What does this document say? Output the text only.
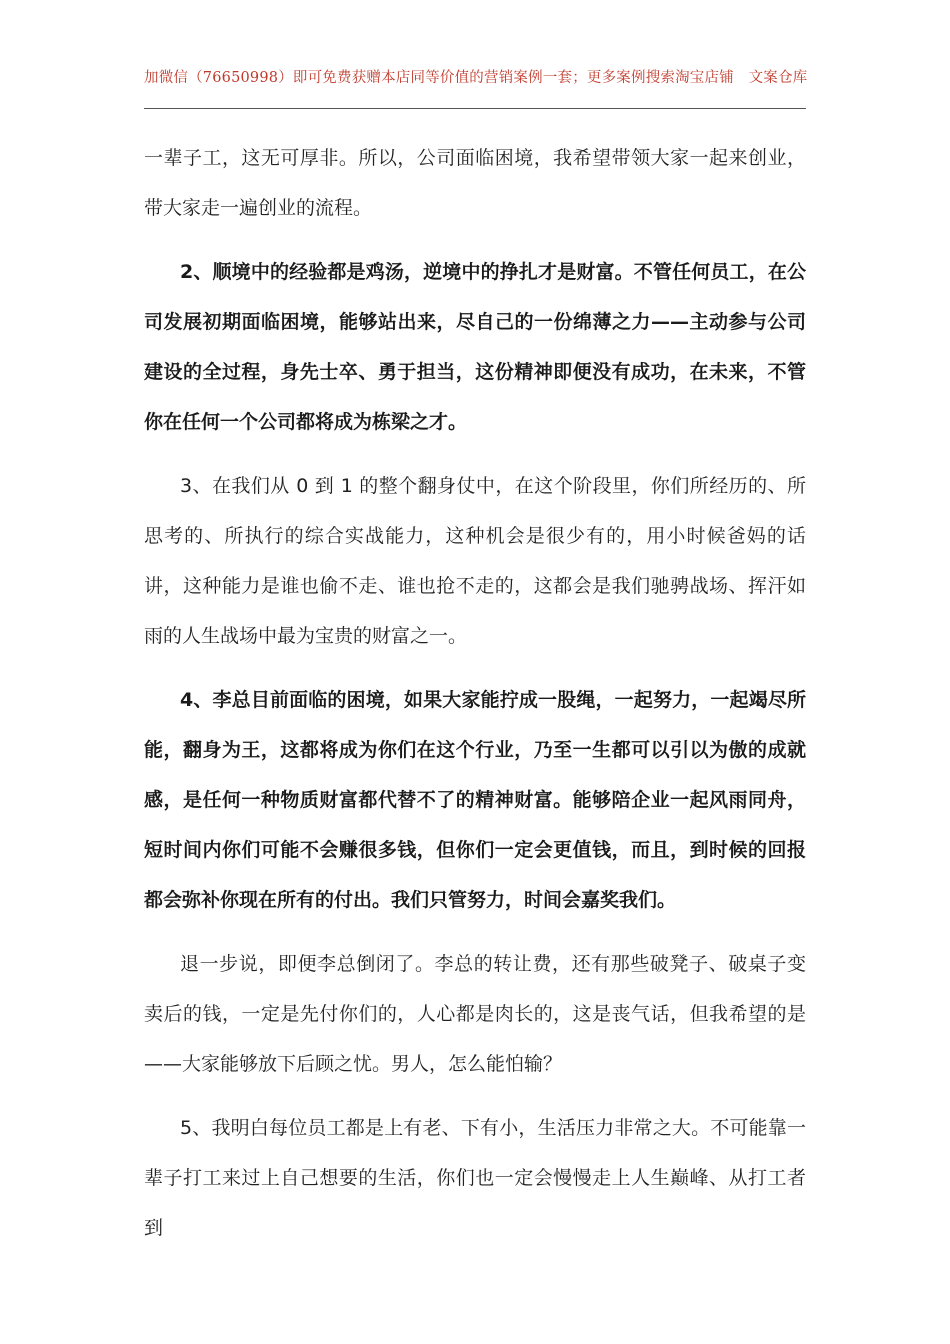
加微信（76650998）即可免费获赠本店同等价值的营销案例一套；更多案例搜索淘宝店铺　文案仓库

一辈子工，这无可厚非。所以，公司面临困境，我希望带领大家一起来创业，带大家走一遍创业的流程。

2、顺境中的经验都是鸡汤，逆境中的挣扎才是财富。不管任何员工，在公司发展初期面临困境，能够站出来，尽自己的一份绵薄之力——主动参与公司建设的全过程，身先士卒、勇于担当，这份精神即便没有成功，在未来，不管你在任何一个公司都将成为栋梁之才。

3、在我们从 0 到 1 的整个翻身仗中，在这个阶段里，你们所经历的、所思考的、所执行的综合实战能力，这种机会是很少有的，用小时候爸妈的话讲，这种能力是谁也偷不走、谁也抢不走的，这都会是我们驰骋战场、挥汗如雨的人生战场中最为宝贵的财富之一。

4、李总目前面临的困境，如果大家能拧成一股绳，一起努力，一起竭尽所能，翻身为王，这都将成为你们在这个行业，乃至一生都可以引以为傲的成就感，是任何一种物质财富都代替不了的精神财富。能够陪企业一起风雨同舟，短时间内你们可能不会赚很多钱，但你们一定会更值钱，而且，到时候的回报都会弥补你现在所有的付出。我们只管努力，时间会嘉奖我们。

退一步说，即便李总倒闭了。李总的转让费，还有那些破凳子、破桌子变卖后的钱，一定是先付你们的，人心都是肉长的，这是丧气话，但我希望的是——大家能够放下后顾之忧。男人，怎么能怕输？

5、我明白每位员工都是上有老、下有小，生活压力非常之大。不可能靠一辈子打工来过上自己想要的生活，你们也一定会慢慢走上人生巅峰、从打工者到
